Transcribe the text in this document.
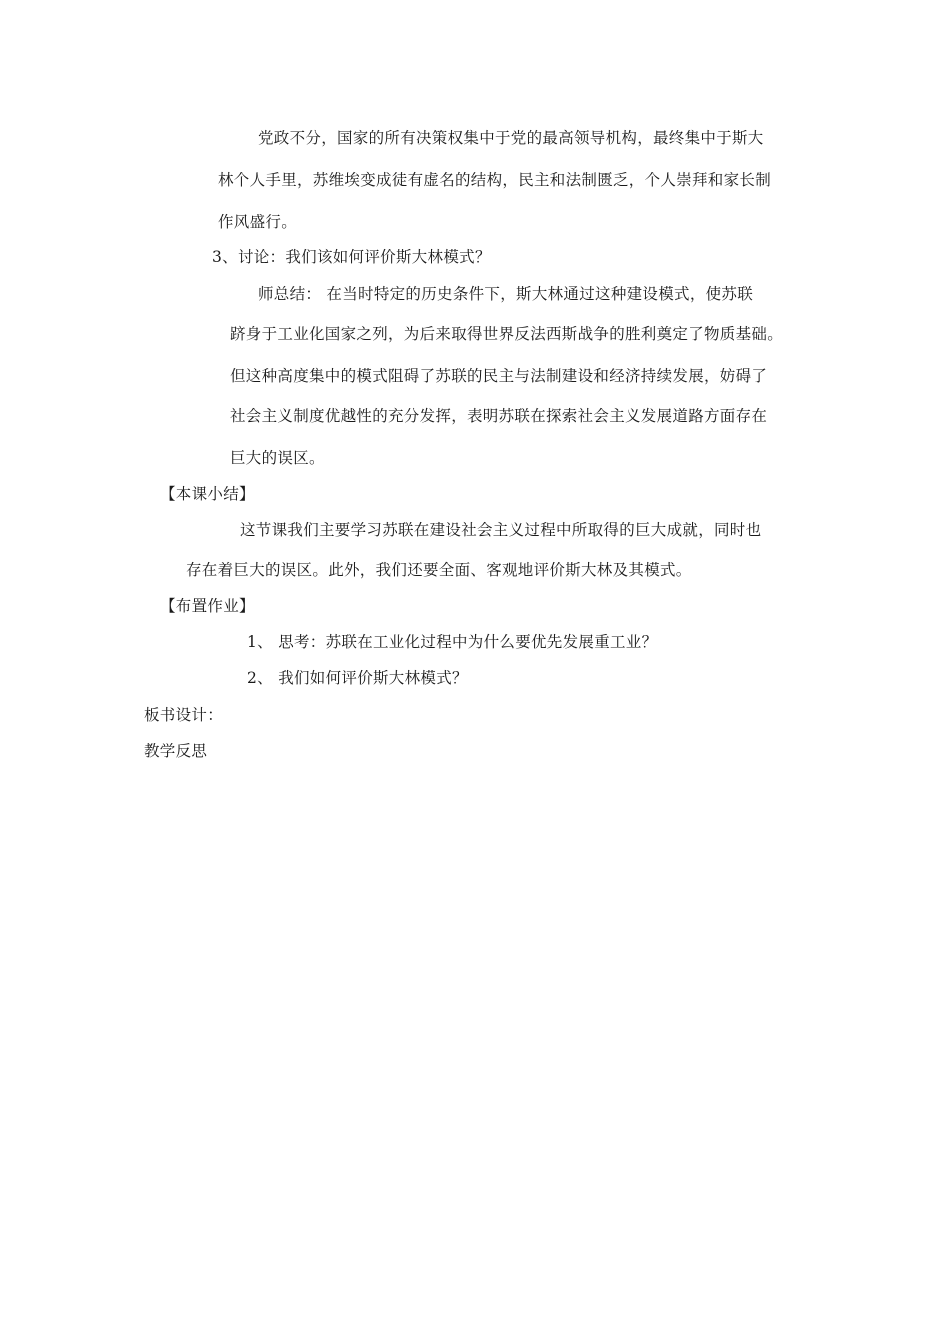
党政不分，国家的所有决策权集中于党的最高领导机构，最终集中于斯大
林个人手里，苏维埃变成徒有虚名的结构，民主和法制匮乏，个人崇拜和家长制
作风盛行。
3、讨论：我们该如何评价斯大林模式？
师总结： 在当时特定的历史条件下，斯大林通过这种建设模式，使苏联
跻身于工业化国家之列，为后来取得世界反法西斯战争的胜利奠定了物质基础。
但这种高度集中的模式阻碍了苏联的民主与法制建设和经济持续发展，妨碍了
社会主义制度优越性的充分发挥，表明苏联在探索社会主义发展道路方面存在
巨大的误区。
【本课小结】
这节课我们主要学习苏联在建设社会主义过程中所取得的巨大成就，同时也
存在着巨大的误区。此外，我们还要全面、客观地评价斯大林及其模式。
【布置作业】
1、 思考：苏联在工业化过程中为什么要优先发展重工业？
2、 我们如何评价斯大林模式？
板书设计：
教学反思
